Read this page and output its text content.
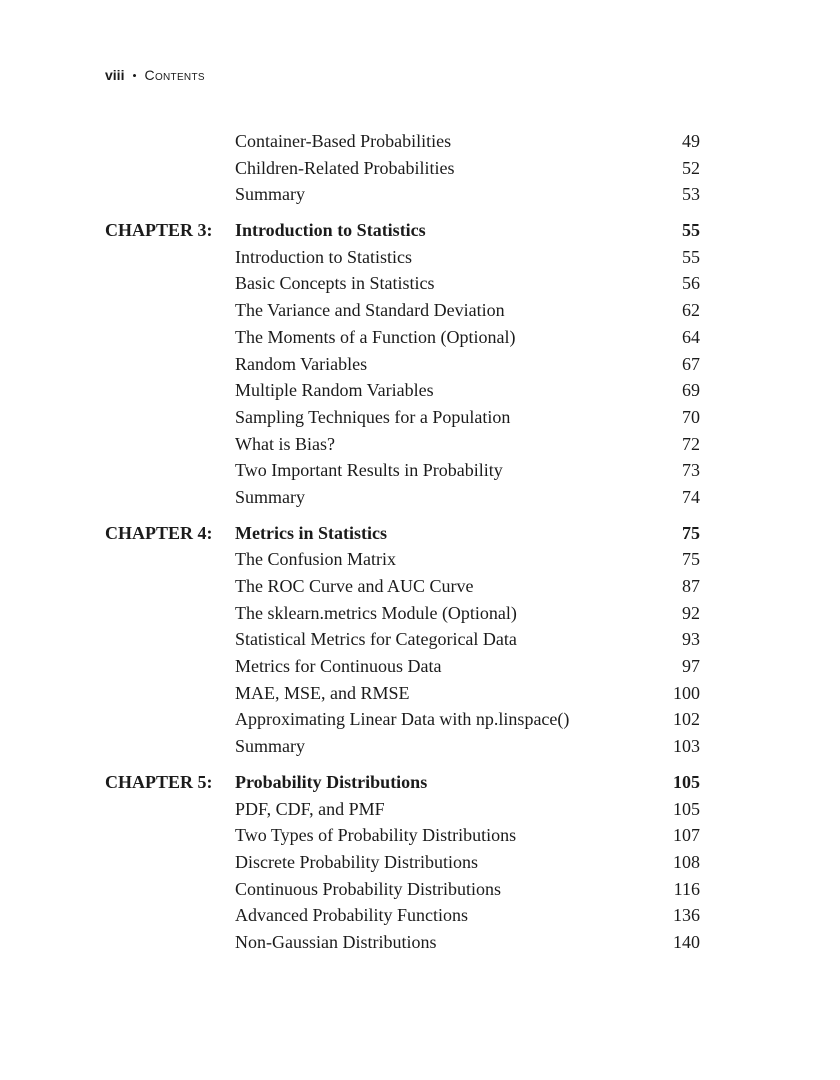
viii • Contents
Container-Based Probabilities	49
Children-Related Probabilities	52
Summary	53
CHAPTER 3: Introduction to Statistics	55
Introduction to Statistics	55
Basic Concepts in Statistics	56
The Variance and Standard Deviation	62
The Moments of a Function (Optional)	64
Random Variables	67
Multiple Random Variables	69
Sampling Techniques for a Population	70
What is Bias?	72
Two Important Results in Probability	73
Summary	74
CHAPTER 4: Metrics in Statistics	75
The Confusion Matrix	75
The ROC Curve and AUC Curve	87
The sklearn.metrics Module (Optional)	92
Statistical Metrics for Categorical Data	93
Metrics for Continuous Data	97
MAE, MSE, and RMSE	100
Approximating Linear Data with np.linspace()	102
Summary	103
CHAPTER 5: Probability Distributions	105
PDF, CDF, and PMF	105
Two Types of Probability Distributions	107
Discrete Probability Distributions	108
Continuous Probability Distributions	116
Advanced Probability Functions	136
Non-Gaussian Distributions	140
